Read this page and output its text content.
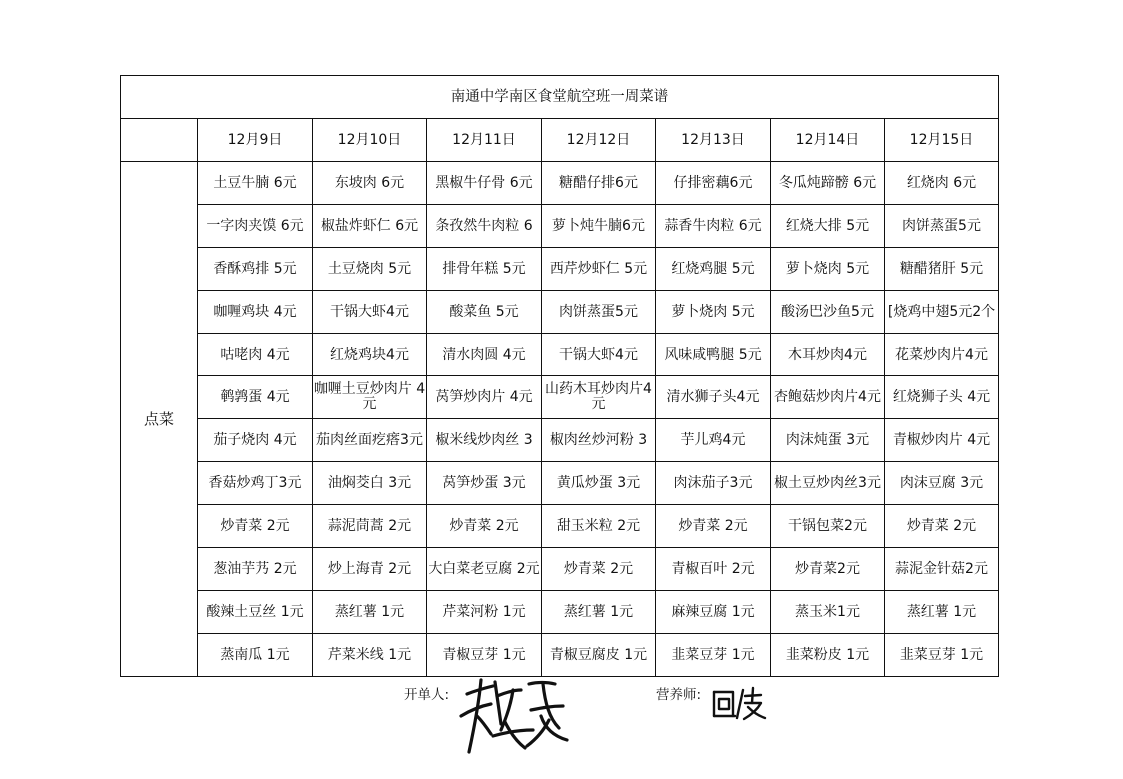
南通中学南区食堂航空班一周菜谱							
	12月9日	12月10日	12月11日	12月12日	12月13日	12月14日	12月15日
点菜	土豆牛腩 6元	东坡肉 6元	黑椒牛仔骨 6元	糖醋仔排6元	仔排密藕6元	冬瓜炖蹄髈 6元	红烧肉 6元
	一字肉夹馍 6元	椒盐炸虾仁 6元	条孜然牛肉粒 6	萝卜炖牛腩6元	蒜香牛肉粒 6元	红烧大排 5元	肉饼蒸蛋5元
	香酥鸡排 5元	土豆烧肉 5元	排骨年糕 5元	西芹炒虾仁 5元	红烧鸡腿 5元	萝卜烧肉 5元	糖醋猪肝 5元
	咖喱鸡块 4元	干锅大虾4元	酸菜鱼 5元	肉饼蒸蛋5元	萝卜烧肉 5元	酸汤巴沙鱼5元	[烧鸡中翅5元2个
	咕咾肉 4元	红烧鸡块4元	清水肉圆 4元	干锅大虾4元	风味咸鸭腿 5元	木耳炒肉4元	花菜炒肉片4元
	鹌鹑蛋 4元	咖喱土豆炒肉片 4元	莴笋炒肉片 4元	山药木耳炒肉片4元	清水狮子头4元	杏鲍菇炒肉片4元	红烧狮子头 4元
	茄子烧肉 4元	茄肉丝面疙瘩3元	椒米线炒肉丝 3	椒肉丝炒河粉 3	芋儿鸡4元	肉沫炖蛋 3元	青椒炒肉片 4元
	香菇炒鸡丁3元	油焖茭白 3元	莴笋炒蛋 3元	黄瓜炒蛋 3元	肉沫茄子3元	椒土豆炒肉丝3元	肉沫豆腐 3元
	炒青菜 2元	蒜泥茼蒿 2元	炒青菜 2元	甜玉米粒 2元	炒青菜 2元	干锅包菜2元	炒青菜 2元
	葱油芋艿 2元	炒上海青 2元	大白菜老豆腐 2元	炒青菜 2元	青椒百叶 2元	炒青菜2元	蒜泥金针菇2元
	酸辣土豆丝 1元	蒸红薯 1元	芹菜河粉 1元	蒸红薯 1元	麻辣豆腐 1元	蒸玉米1元	蒸红薯 1元
	蒸南瓜 1元	芹菜米线 1元	青椒豆芽 1元	青椒豆腐皮 1元	韭菜豆芽 1元	韭菜粉皮 1元	韭菜豆芽 1元
开单人:	营养师:
